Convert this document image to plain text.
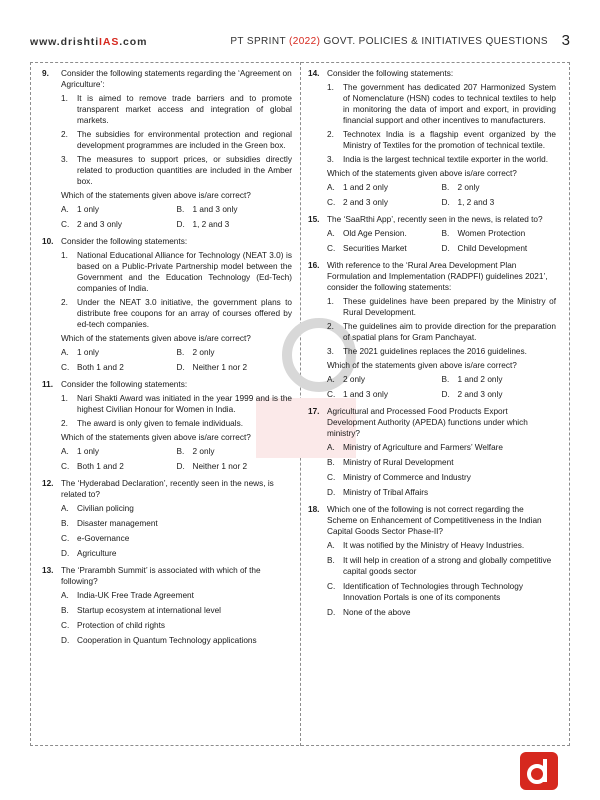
www.drishtiIAS.com	PT SPRINT (2022) GOVT. POLICIES & INITIATIVES QUESTIONS 3
9. Consider the following statements regarding the ‘Agreement on Agriculture’:
1. It is aimed to remove trade barriers and to promote transparent market access and integration of global markets.
2. The subsidies for environmental protection and regional development programmes are included in the Green box.
3. The measures to support prices, or subsidies directly related to production quantities are included in the Amber box.
Which of the statements given above is/are correct?
A. 1 only	B. 1 and 3 only
C. 2 and 3 only	D. 1, 2 and 3
10. Consider the following statements:
1. National Educational Alliance for Technology (NEAT 3.0) is based on a Public-Private Partnership model between the Government and the Education Technology (Ed-Tech) companies of India.
2. Under the NEAT 3.0 initiative, the government plans to distribute free coupons for an array of courses offered by ed-tech companies.
Which of the statements given above is/are correct?
A. 1 only	B. 2 only
C. Both 1 and 2	D. Neither 1 nor 2
11. Consider the following statements:
1. Nari Shakti Award was initiated in the year 1999 and is the highest Civilian Honour for Women in India.
2. The award is only given to female individuals.
Which of the statements given above is/are correct?
A. 1 only	B. 2 only
C. Both 1 and 2	D. Neither 1 nor 2
12. The ‘Hyderabad Declaration’, recently seen in the news, is related to?
A. Civilian policing
B. Disaster management
C. e-Governance
D. Agriculture
13. The ‘Prarambh Summit’ is associated with which of the following?
A. India-UK Free Trade Agreement
B. Startup ecosystem at international level
C. Protection of child rights
D. Cooperation in Quantum Technology applications
14. Consider the following statements:
1. The government has dedicated 207 Harmonized System of Nomenclature (HSN) codes to technical textiles to help in monitoring the data of import and export, in providing financial support and other incentives to manufacturers.
2. Technotex India is a flagship event organized by the Ministry of Textiles for the promotion of technical textile.
3. India is the largest technical textile exporter in the world.
Which of the statements given above is/are correct?
A. 1 and 2 only	B. 2 only
C. 2 and 3 only	D. 1, 2 and 3
15. The ‘SaaRthi App’, recently seen in the news, is related to?
A. Old Age Pension.	B. Women Protection
C. Securities Market	D. Child Development
16. With reference to the ‘Rural Area Development Plan Formulation and Implementation (RADPFI) guidelines 2021’, consider the following statements:
1. These guidelines have been prepared by the Ministry of Rural Development.
2. The guidelines aim to provide direction for the preparation of spatial plans for Gram Panchayat.
3. The 2021 guidelines replaces the 2016 guidelines.
Which of the statements given above is/are correct?
A. 2 only	B. 1 and 2 only
C. 1 and 3 only	D. 2 and 3 only
17. Agricultural and Processed Food Products Export Development Authority (APEDA) functions under which ministry?
A. Ministry of Agriculture and Farmers’ Welfare
B. Ministry of Rural Development
C. Ministry of Commerce and Industry
D. Ministry of Tribal Affairs
18. Which one of the following is not correct regarding the Scheme on Enhancement of Competitiveness in the Indian Capital Goods Sector Phase-II?
A. It was notified by the Ministry of Heavy Industries.
B. It will help in creation of a strong and globally competitive capital goods sector
C. Identification of Technologies through Technology Innovation Portals is one of its components
D. None of the above
